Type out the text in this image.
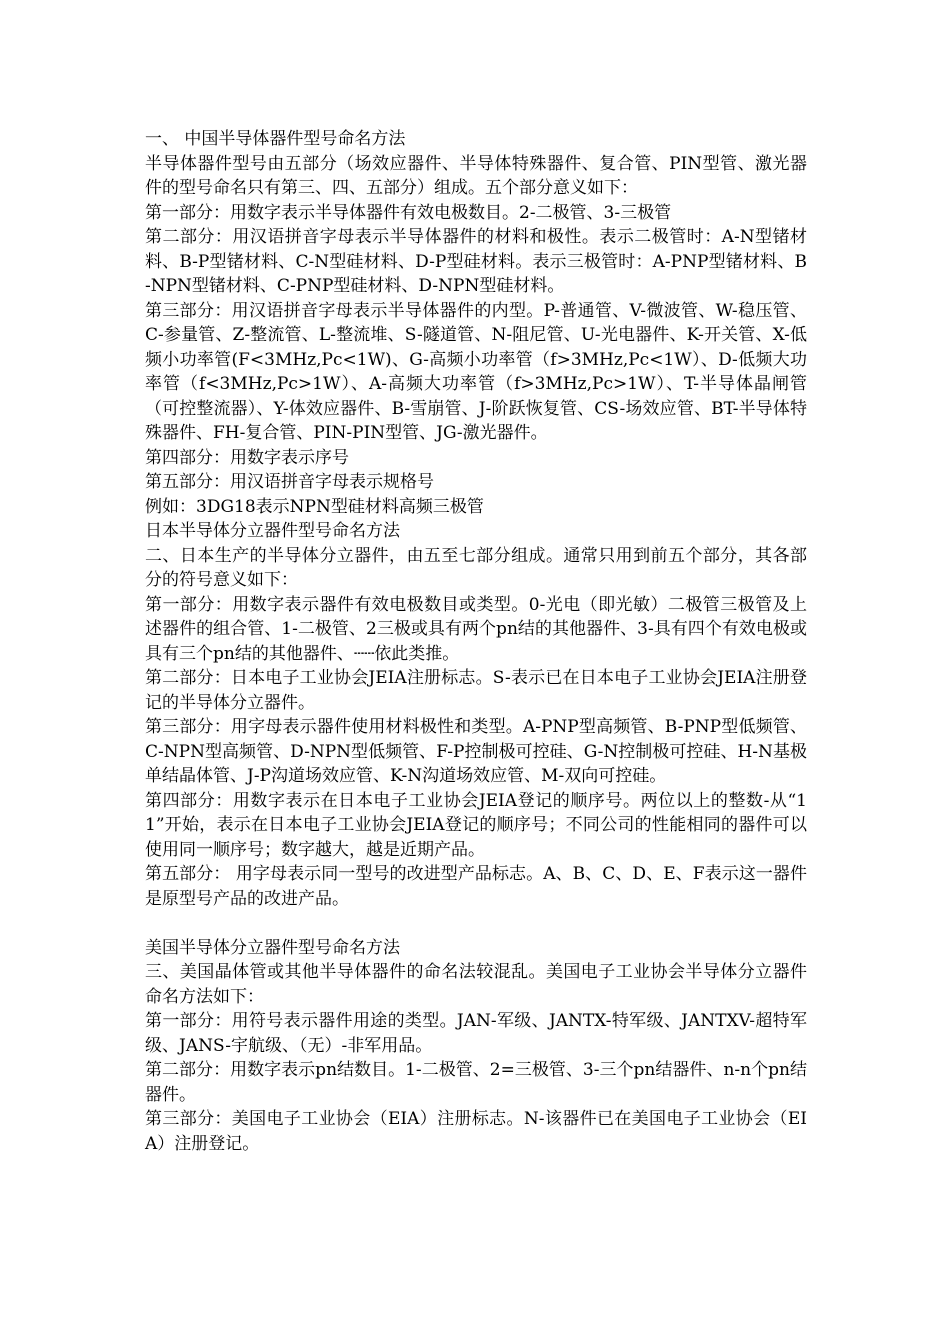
一、 中国半导体器件型号命名方法

半导体器件型号由五部分（场效应器件、半导体特殊器件、复合管、PIN型管、激光器件的型号命名只有第三、四、五部分）组成。五个部分意义如下：

第一部分：用数字表示半导体器件有效电极数目。2-二极管、3-三极管

第二部分：用汉语拼音字母表示半导体器件的材料和极性。表示二极管时：A-N型锗材料、B-P型锗材料、C-N型硅材料、D-P型硅材料。表示三极管时：A-PNP型锗材料、B-NPN型锗材料、C-PNP型硅材料、D-NPN型硅材料。

第三部分：用汉语拼音字母表示半导体器件的内型。P-普通管、V-微波管、W-稳压管、C-参量管、Z-整流管、L-整流堆、S-隧道管、N-阻尼管、U-光电器件、K-开关管、X-低频小功率管(F<3MHz,Pc<1W)、G-高频小功率管（f>3MHz,Pc<1W）、D-低频大功率管（f<3MHz,Pc>1W）、A-高频大功率管（f>3MHz,Pc>1W）、T-半导体晶闸管（可控整流器）、Y-体效应器件、B-雪崩管、J-阶跃恢复管、CS-场效应管、BT-半导体特殊器件、FH-复合管、PIN-PIN型管、JG-激光器件。

第四部分：用数字表示序号

第五部分：用汉语拼音字母表示规格号

例如：3DG18表示NPN型硅材料高频三极管

日本半导体分立器件型号命名方法

二、日本生产的半导体分立器件，由五至七部分组成。通常只用到前五个部分，其各部分的符号意义如下：

第一部分：用数字表示器件有效电极数目或类型。0-光电（即光敏）二极管三极管及上述器件的组合管、1-二极管、2三极或具有两个pn结的其他器件、3-具有四个有效电极或具有三个pn结的其他器件、┄┄依此类推。

第二部分：日本电子工业协会JEIA注册标志。S-表示已在日本电子工业协会JEIA注册登记的半导体分立器件。

第三部分：用字母表示器件使用材料极性和类型。A-PNP型高频管、B-PNP型低频管、C-NPN型高频管、D-NPN型低频管、F-P控制极可控硅、G-N控制极可控硅、H-N基极单结晶体管、J-P沟道场效应管、K-N沟道场效应管、M-双向可控硅。

第四部分：用数字表示在日本电子工业协会JEIA登记的顺序号。两位以上的整数-从“11”开始，表示在日本电子工业协会JEIA登记的顺序号；不同公司的性能相同的器件可以使用同一顺序号；数字越大，越是近期产品。

第五部分： 用字母表示同一型号的改进型产品标志。A、B、C、D、E、F表示这一器件是原型号产品的改进产品。

美国半导体分立器件型号命名方法

三、美国晶体管或其他半导体器件的命名法较混乱。美国电子工业协会半导体分立器件命名方法如下：

第一部分：用符号表示器件用途的类型。JAN-军级、JANTX-特军级、JANTXV-超特军级、JANS-宇航级、（无）-非军用品。

第二部分：用数字表示pn结数目。1-二极管、2=三极管、3-三个pn结器件、n-n个pn结器件。

第三部分：美国电子工业协会（EIA）注册标志。N-该器件已在美国电子工业协会（EIA）注册登记。
